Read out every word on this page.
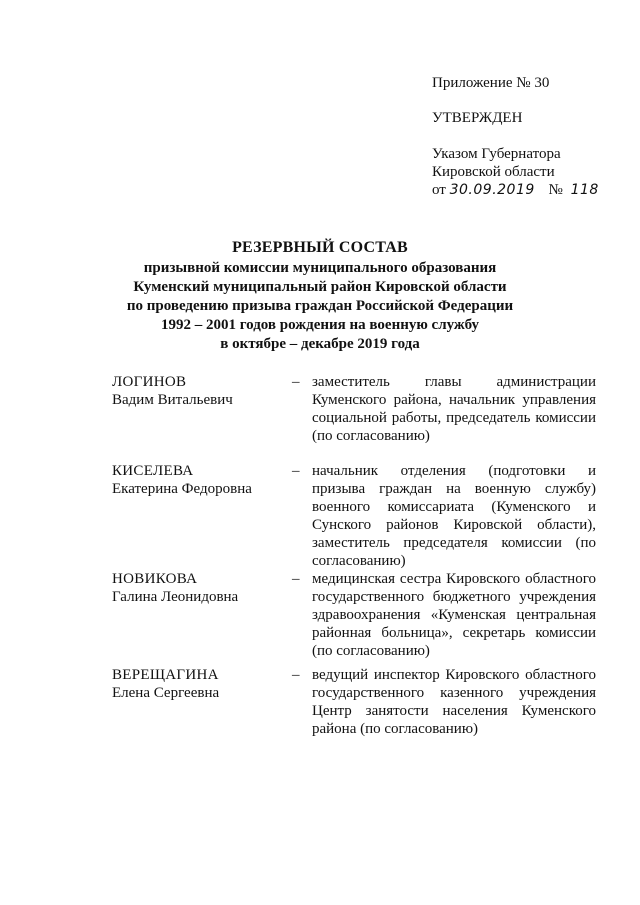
Приложение № 30
УТВЕРЖДЕН
Указом Губернатора
Кировской области
от 30.09.2019 № 118
РЕЗЕРВНЫЙ СОСТАВ
призывной комиссии муниципального образования
Куменский муниципальный район Кировской области
по проведению призыва граждан Российской Федерации
1992 – 2001 годов рождения на военную службу
в октябре – декабре 2019 года
ЛОГИНОВ
Вадим Витальевич
– заместитель главы администрации Куменского района, начальник управления социальной работы, председатель комиссии (по согласованию)
КИСЕЛЕВА
Екатерина Федоровна
– начальник отделения (подготовки и призыва граждан на военную службу) военного комиссариата (Куменского и Сунского районов Кировской области), заместитель председателя комиссии (по согласованию)
НОВИКОВА
Галина Леонидовна
– медицинская сестра Кировского областного государственного бюджетного учреждения здравоохранения «Куменская центральная районная больница», секретарь комиссии (по согласованию)
ВЕРЕЩАГИНА
Елена Сергеевна
– ведущий инспектор Кировского областного государственного казенного учреждения Центр занятости населения Куменского района (по согласованию)
